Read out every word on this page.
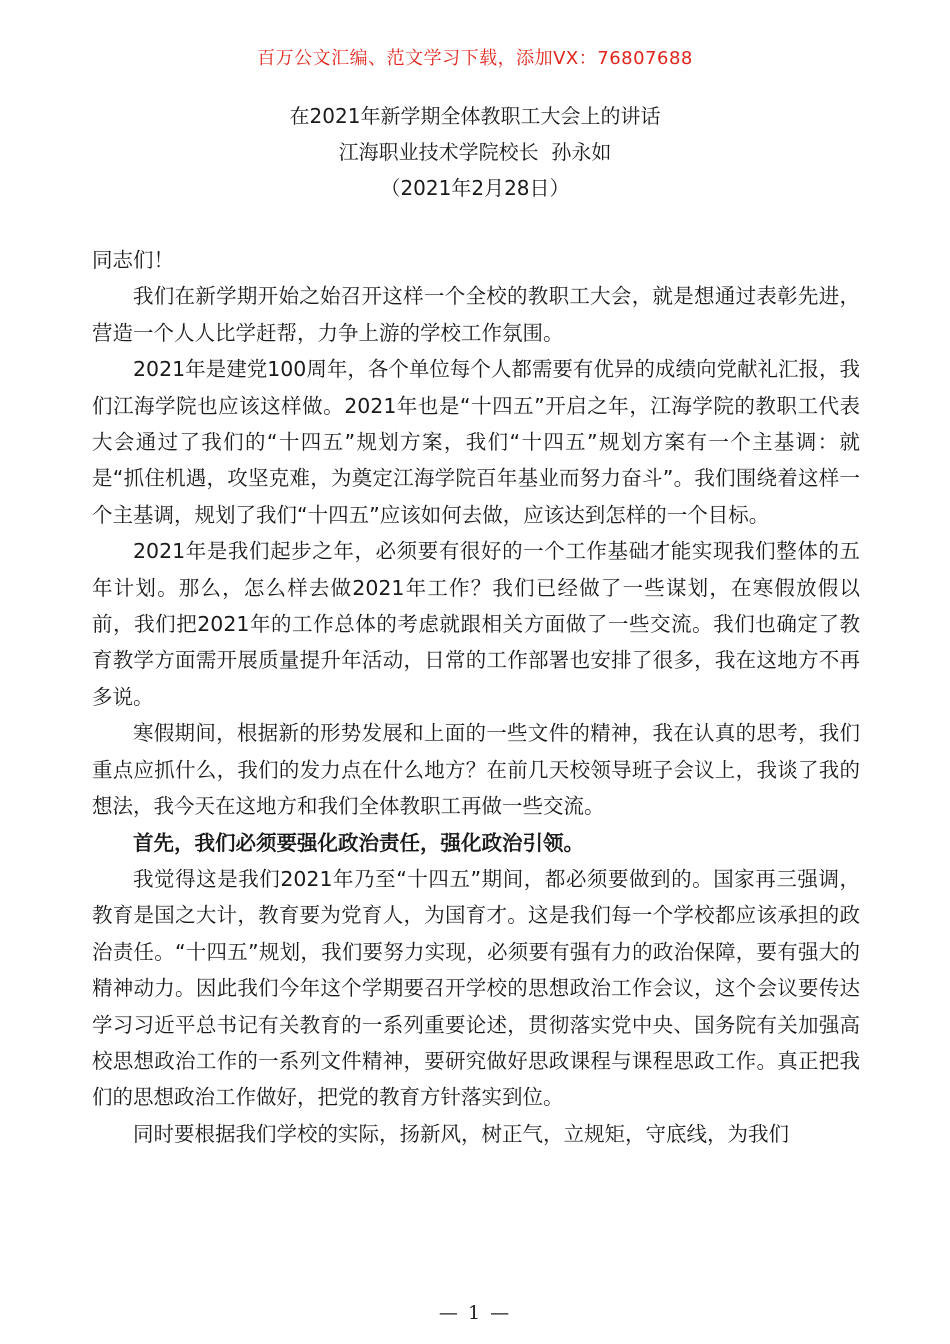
百万公文汇编、范文学习下载，添加VX：76807688
在2021年新学期全体教职工大会上的讲话
江海职业技术学院校长  孙永如
（2021年2月28日）

同志们！

我们在新学期开始之始召开这样一个全校的教职工大会，就是想通过表彰先进，营造一个人人比学赶帮，力争上游的学校工作氛围。

2021年是建党100周年，各个单位每个人都需要有优异的成绩向党献礼汇报，我们江海学院也应该这样做。2021年也是“十四五”开启之年，江海学院的教职工代表大会通过了我们的“十四五”规划方案，我们“十四五”规划方案有一个主基调：就是“抓住机遇，攻坚克难，为奠定江海学院百年基业而努力奋斗”。我们围绕着这样一个主基调，规划了我们“十四五”应该如何去做，应该达到怎样的一个目标。

2021年是我们起步之年，必须要有很好的一个工作基础才能实现我们整体的五年计划。那么，怎么样去做2021年工作？我们已经做了一些谋划，在寒假放假以前，我们把2021年的工作总体的考虑就跟相关方面做了一些交流。我们也确定了教育教学方面需开展质量提升年活动，日常的工作部署也安排了很多，我在这地方不再多说。

寒假期间，根据新的形势发展和上面的一些文件的精神，我在认真的思考，我们重点应抓什么，我们的发力点在什么地方？在前几天校领导班子会议上，我谈了我的想法，我今天在这地方和我们全体教职工再做一些交流。

首先，我们必须要强化政治责任，强化政治引领。

我觉得这是我们2021年乃至“十四五”期间，都必须要做到的。国家再三强调，教育是国之大计，教育要为党育人，为国育才。这是我们每一个学校都应该承担的政治责任。“十四五”规划，我们要努力实现，必须要有强有力的政治保障，要有强大的精神动力。因此我们今年这个学期要召开学校的思想政治工作会议，这个会议要传达学习习近平总书记有关教育的一系列重要论述，贯彻落实党中央、国务院有关加强高校思想政治工作的一系列文件精神，要研究做好思政课程与课程思政工作。真正把我们的思想政治工作做好，把党的教育方针落实到位。

同时要根据我们学校的实际，扬新风，树正气，立规矩，守底线，为我们

— 1 —
